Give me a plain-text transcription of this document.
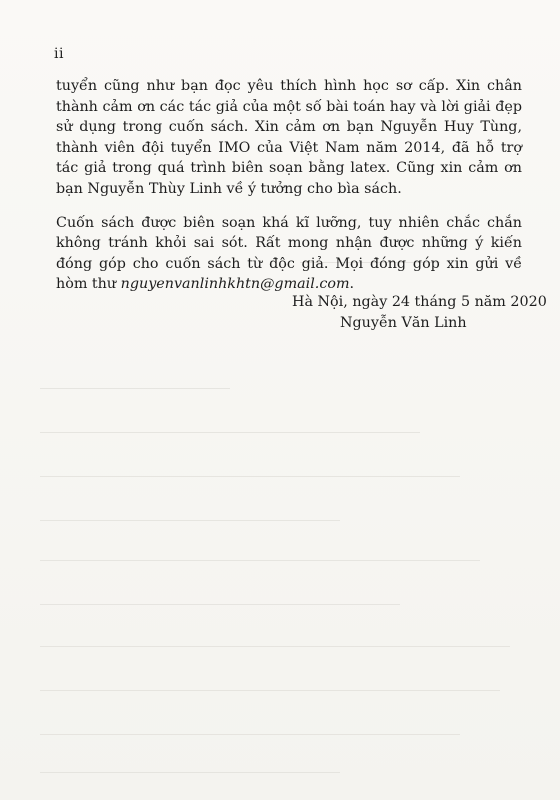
ii

tuyển cũng như bạn đọc yêu thích hình học sơ cấp. Xin chân thành cảm ơn các tác giả của một số bài toán hay và lời giải đẹp sử dụng trong cuốn sách. Xin cảm ơn bạn Nguyễn Huy Tùng, thành viên đội tuyển IMO của Việt Nam năm 2014, đã hỗ trợ tác giả trong quá trình biên soạn bằng latex. Cũng xin cảm ơn bạn Nguyễn Thùy Linh về ý tưởng cho bìa sách.

Cuốn sách được biên soạn khá kĩ lưỡng, tuy nhiên chắc chắn không tránh khỏi sai sót. Rất mong nhận được những ý kiến đóng góp cho cuốn sách từ độc giả. Mọi đóng góp xin gửi về hòm thư nguyenvanlinhkhtn@gmail.com.

Hà Nội, ngày 24 tháng 5 năm 2020
Nguyễn Văn Linh
